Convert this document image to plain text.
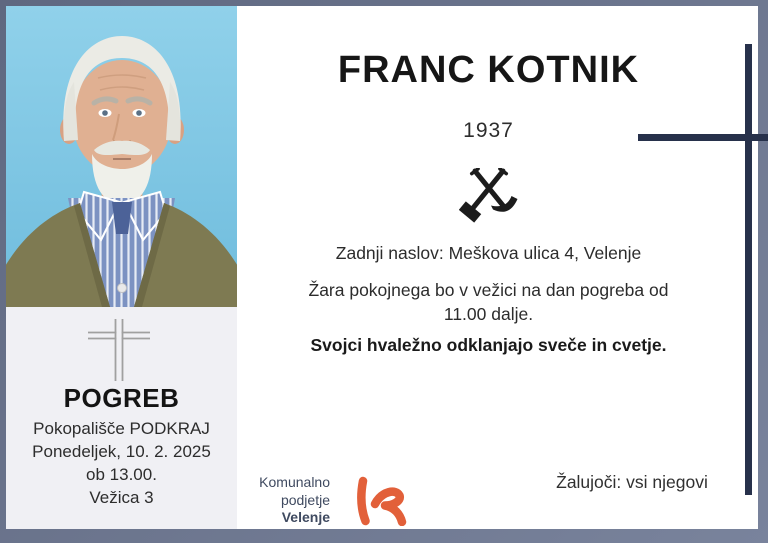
POGREB
Pokopališče PODKRAJ
Ponedeljek, 10. 2. 2025
ob 13.00.
Vežica 3
FRANC KOTNIK
1937
Zadnji naslov: Meškova ulica 4, Velenje
Žara pokojnega bo v vežici na dan pogreba od
11.00 dalje.
Svojci hvaležno odklanjajo sveče in cvetje.
Komunalno
podjetje
Velenje
Žalujoči: vsi njegovi
